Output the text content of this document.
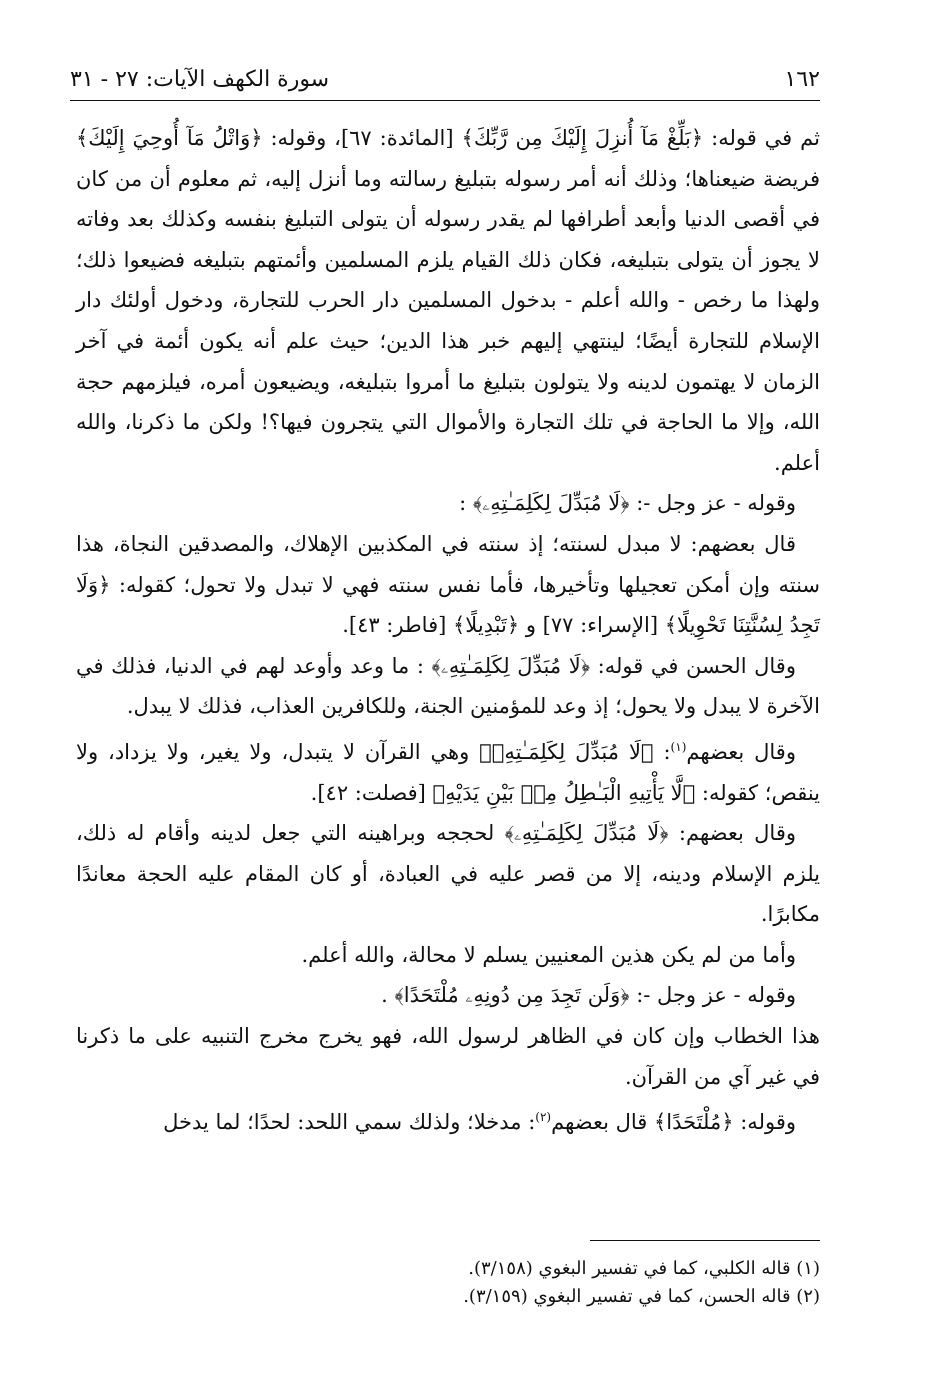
١٦٢
سورة الكهف الآيات: ٢٧ - ٣١

ثم في قوله: ﴿بَلِّغْ مَآ أُنزِلَ إِلَيْكَ مِن رَّبِّكَ﴾ [المائدة: ٦٧]، وقوله: ﴿وَاتْلُ مَآ أُوحِيَ إِلَيْكَ﴾ فريضة ضيعناها؛ وذلك أنه أمر رسوله بتبليغ رسالته وما أنزل إليه، ثم معلوم أن من كان في أقصى الدنيا وأبعد أطرافها لم يقدر رسوله أن يتولى التبليغ بنفسه وكذلك بعد وفاته لا يجوز أن يتولى بتبليغه، فكان ذلك القيام يلزم المسلمين وأئمتهم بتبليغه فضيعوا ذلك؛ ولهذا ما رخص - والله أعلم - بدخول المسلمين دار الحرب للتجارة، ودخول أولئك دار الإسلام للتجارة أيضًا؛ لينتهي إليهم خبر هذا الدين؛ حيث علم أنه يكون أئمة في آخر الزمان لا يهتمون لدينه ولا يتولون بتبليغ ما أمروا بتبليغه، ويضيعون أمره، فيلزمهم حجة الله، وإلا ما الحاجة في تلك التجارة والأموال التي يتجرون فيها؟! ولكن ما ذكرنا، والله أعلم.

وقوله - عز وجل -: ﴿لَا مُبَدِّلَ لِكَلِمَـٰتِهِۦ﴾ :

قال بعضهم: لا مبدل لسنته؛ إذ سنته في المكذبين الإهلاك، والمصدقين النجاة، هذا سنته وإن أمكن تعجيلها وتأخيرها، فأما نفس سنته فهي لا تبدل ولا تحول؛ كقوله: ﴿وَلَا تَجِدُ لِسُنَّتِنَا تَحْوِيلًا﴾ [الإسراء: ٧٧] و ﴿تَبْدِيلًا﴾ [فاطر: ٤٣].

وقال الحسن في قوله: ﴿لَا مُبَدِّلَ لِكَلِمَـٰتِهِۦ﴾ : ما وعد وأوعد لهم في الدنيا، فذلك في الآخرة لا يبدل ولا يحول؛ إذ وعد للمؤمنين الجنة، وللكافرين العذاب، فذلك لا يبدل.

وقال بعضهم$^{(١)}$: ﴿لَا مُبَدِّلَ لِكَلِمَـٰتِهِۦ﴾ وهي القرآن لا يتبدل، ولا يغير، ولا يزداد، ولا ينقص؛ كقوله: ﴿لَّا يَأْتِيهِ الْبَـٰطِلُ مِنۢ بَيْنِ يَدَيْهِ﴾ [فصلت: ٤٢].

وقال بعضهم: ﴿لَا مُبَدِّلَ لِكَلِمَـٰتِهِۦ﴾ لحججه وبراهينه التي جعل لدينه وأقام له ذلك، يلزم الإسلام ودينه، إلا من قصر عليه في العبادة، أو كان المقام عليه الحجة معاندًا مكابرًا.

وأما من لم يكن هذين المعنيين يسلم لا محالة، والله أعلم.

وقوله - عز وجل -: ﴿وَلَن تَجِدَ مِن دُونِهِۦ مُلْتَحَدًا﴾ .

هذا الخطاب وإن كان في الظاهر لرسول الله، فهو يخرج مخرج التنبيه على ما ذكرنا في غير آي من القرآن.

وقوله: ﴿مُلْتَحَدًا﴾ قال بعضهم$^{(٢)}$: مدخلا؛ ولذلك سمي اللحد: لحدًا؛ لما يدخل

(١) قاله الكلبي، كما في تفسير البغوي (٣/١٥٨).

(٢) قاله الحسن، كما في تفسير البغوي (٣/١٥٩).
